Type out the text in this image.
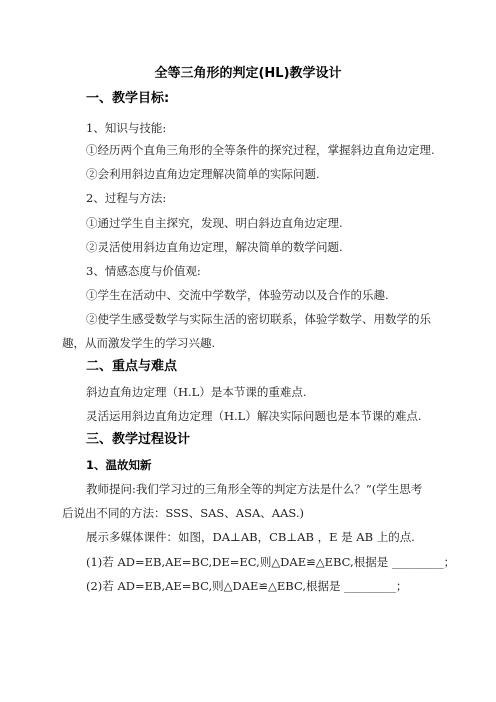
全等三角形的判定(HL)教学设计
一、教学目标:
1、知识与技能:
①经历两个直角三角形的全等条件的探究过程，掌握斜边直角边定理.
②会利用斜边直角边定理解决简单的实际问题.
2、过程与方法:
①通过学生自主探究，发现、明白斜边直角边定理.
②灵活使用斜边直角边定理，解决简单的数学问题.
3、情感态度与价值观:
①学生在活动中、交流中学数学，体验劳动以及合作的乐趣.
②使学生感受数学与实际生活的密切联系，体验学数学、用数学的乐
趣，从而激发学生的学习兴趣.
二、重点与难点
斜边直角边定理（H.L）是本节课的重难点.
灵活运用斜边直角边定理（H.L）解决实际问题也是本节课的难点.
三、教学过程设计
1、温故知新
教师提问:我们学习过的三角形全等的判定方法是什么？”(学生思考
后说出不同的方法：SSS、SAS、ASA、AAS.)
展示多媒体课件：如图，DA⊥AB，CB⊥AB ，E 是 AB 上的点.
(1)若 AD=EB,AE=BC,DE=EC,则△DAE≌△EBC,根据是 _________；
(2)若 AD=EB,AE=BC,则△DAE≌△EBC,根据是 _________；
